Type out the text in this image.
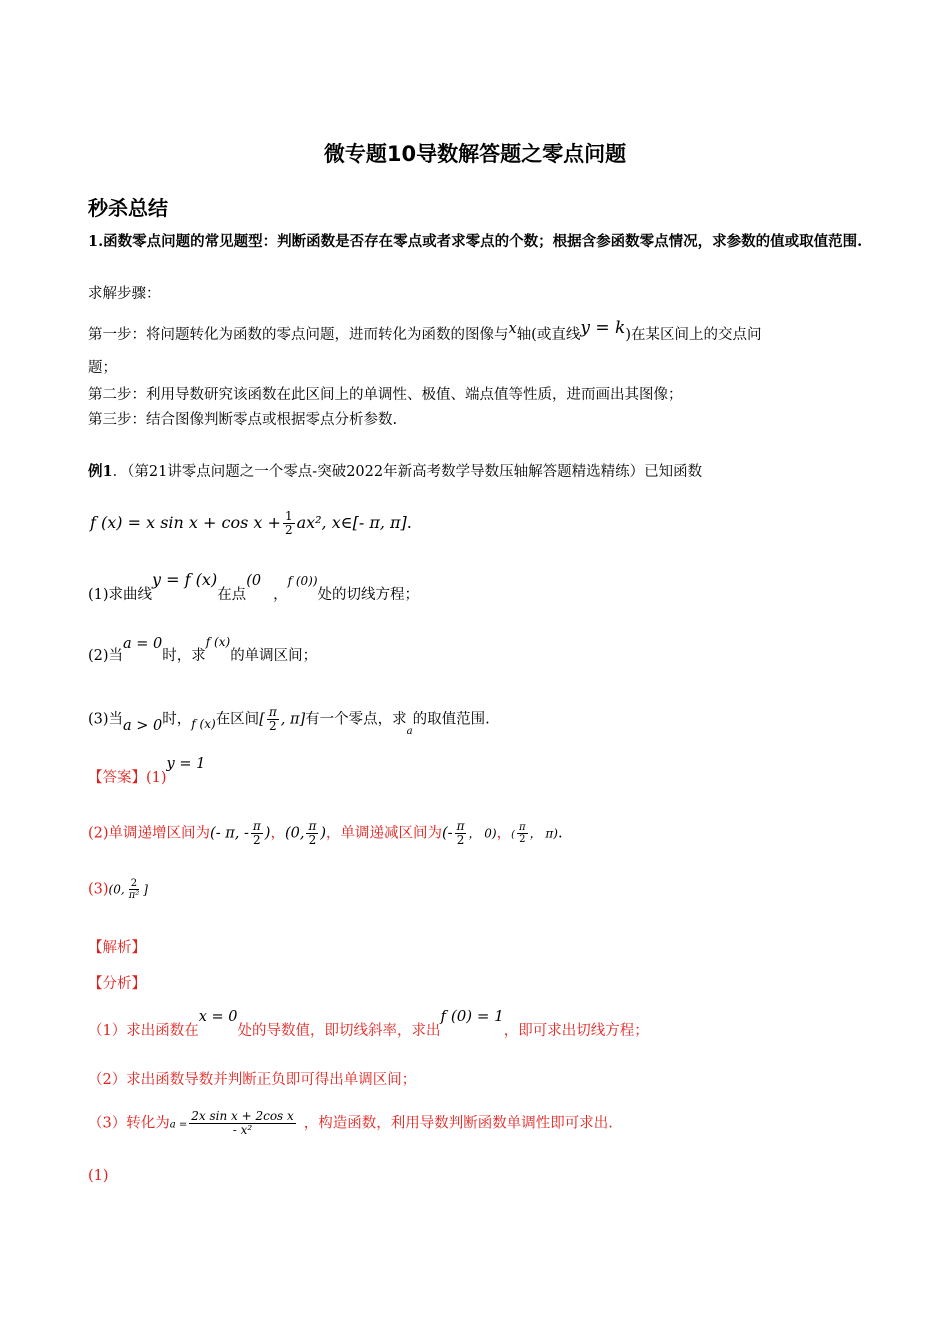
微专题10导数解答题之零点问题
秒杀总结
1.函数零点问题的常见题型：判断函数是否存在零点或者求零点的个数；根据含参函数零点情况，求参数的值或取值范围.
求解步骤：
第一步：将问题转化为函数的零点问题，进而转化为函数的图像与x轴(或直线y = k)在某区间上的交点问
题；
第二步：利用导数研究该函数在此区间上的单调性、极值、端点值等性质，进而画出其图像；
第三步：结合图像判断零点或根据零点分析参数.
例1．（第21讲零点问题之一个零点-突破2022年新高考数学导数压轴解答题精选精练）已知函数
f (x) = x $\sin x + \cos x + \frac{1}{2} ax^2$, x∈[- π, π].
(1)求曲线y = f (x)在点(0，$^{f (0))}$处的切线方程；
(2)当a = 0时，求$^{f (x)}$的单调区间；
(3)当a > 0时，$_{f (x)}$在区间[ $\frac{\pi}{2}$ , π]有一个零点，求$_a$的取值范围.
【答案】(1)y = 1
(2)单调递增区间为(- π, - $\frac{\pi}{2}$ )，(0, $\frac{\pi}{2}$ )，单调递减区间为(- $\frac{\pi}{2}$ ， 0)，( $\frac{\pi}{2}$ ， π).
(3)(0, $\frac{2}{\text{π²}}$ ]
【解析】
【分析】
（1）求出函数在x = 0处的导数值，即切线斜率，求出f (0) = 1，即可求出切线方程；
（2）求出函数导数并判断正负即可得出单调区间；
（3）转化为$a = \frac{\text{2x sin x + 2cos x}}{\text{- x²}}$ ，构造函数，利用导数判断函数单调性即可求出.
(1)
